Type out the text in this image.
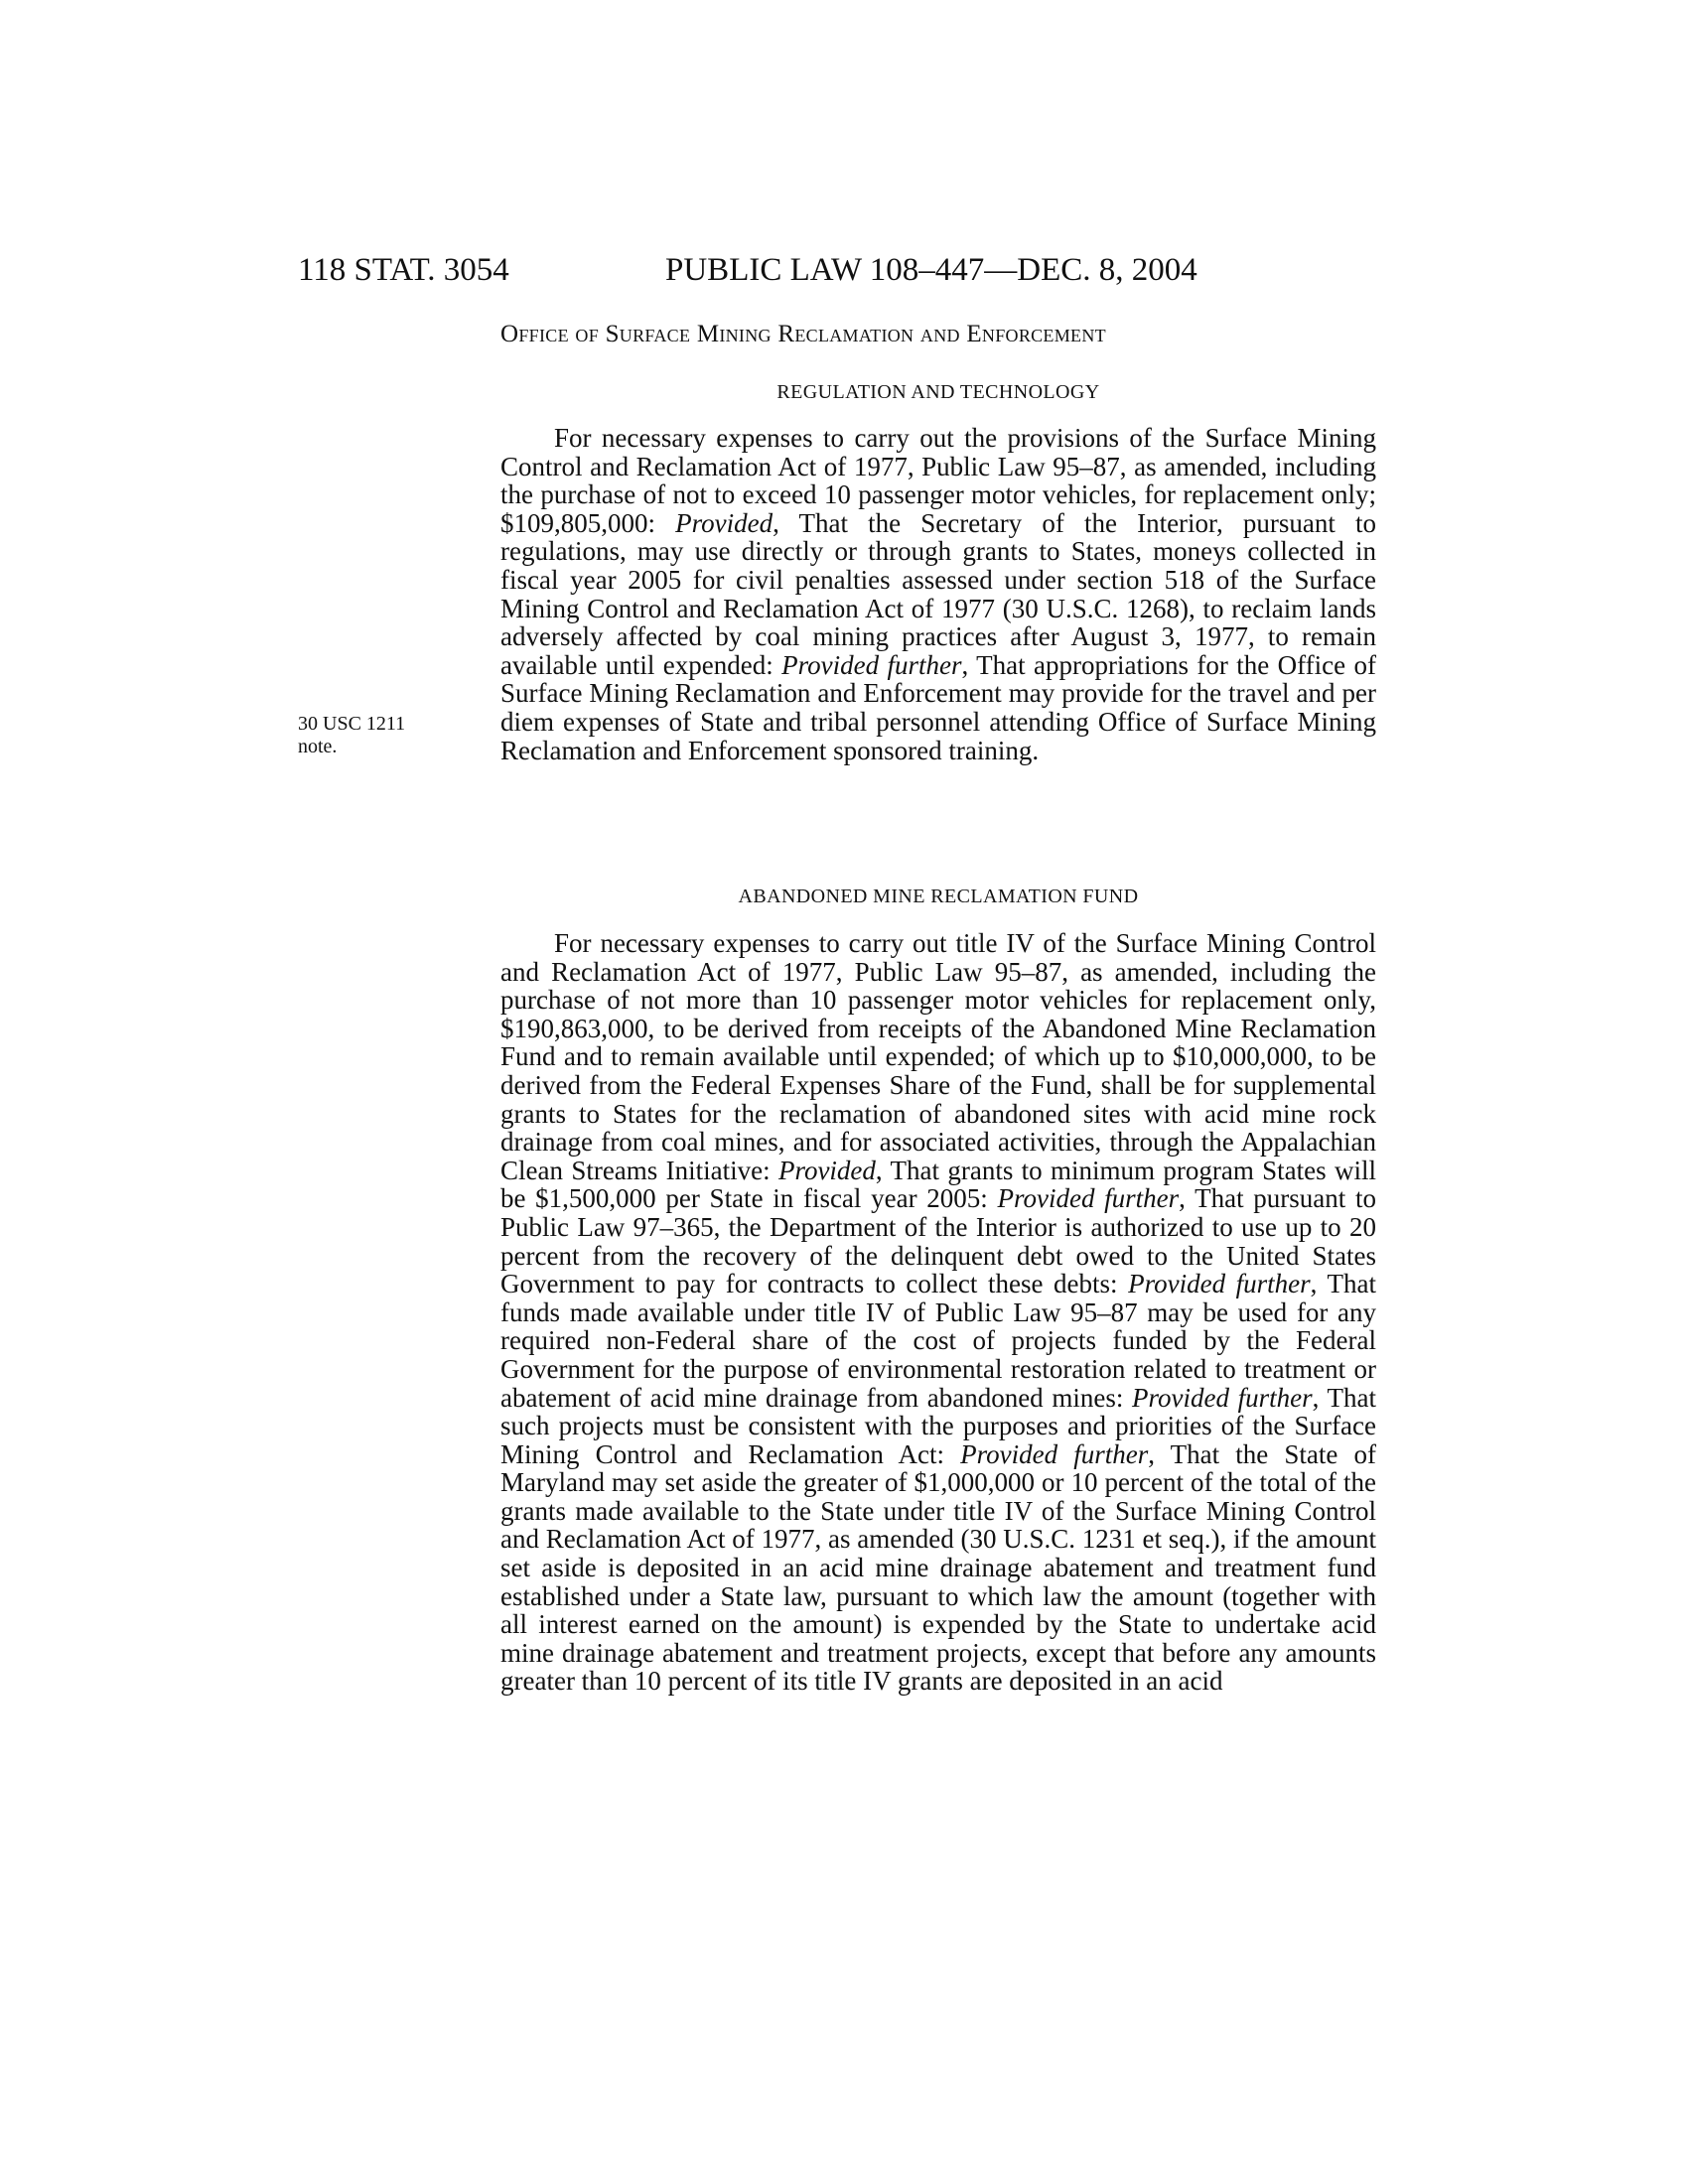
118 STAT. 3054	PUBLIC LAW 108–447—DEC. 8, 2004
Office of Surface Mining Reclamation and Enforcement
REGULATION AND TECHNOLOGY

For necessary expenses to carry out the provisions of the Surface Mining Control and Reclamation Act of 1977, Public Law 95–87, as amended, including the purchase of not to exceed 10 passenger motor vehicles, for replacement only; $109,805,000: Provided, That the Secretary of the Interior, pursuant to regulations, may use directly or through grants to States, moneys collected in fiscal year 2005 for civil penalties assessed under section 518 of the Surface Mining Control and Reclamation Act of 1977 (30 U.S.C. 1268), to reclaim lands adversely affected by coal mining practices after August 3, 1977, to remain available until expended: Provided further, That appropriations for the Office of Surface Mining Reclamation and Enforcement may provide for the travel and per diem expenses of State and tribal personnel attending Office of Surface Mining Reclamation and Enforcement sponsored training.

30 USC 1211
note.
ABANDONED MINE RECLAMATION FUND

For necessary expenses to carry out title IV of the Surface Mining Control and Reclamation Act of 1977, Public Law 95–87, as amended, including the purchase of not more than 10 passenger motor vehicles for replacement only, $190,863,000, to be derived from receipts of the Abandoned Mine Reclamation Fund and to remain available until expended; of which up to $10,000,000, to be derived from the Federal Expenses Share of the Fund, shall be for supplemental grants to States for the reclamation of abandoned sites with acid mine rock drainage from coal mines, and for associated activities, through the Appalachian Clean Streams Initiative: Provided, That grants to minimum program States will be $1,500,000 per State in fiscal year 2005: Provided further, That pursuant to Public Law 97–365, the Department of the Interior is authorized to use up to 20 percent from the recovery of the delinquent debt owed to the United States Government to pay for contracts to collect these debts: Provided further, That funds made available under title IV of Public Law 95–87 may be used for any required non-Federal share of the cost of projects funded by the Federal Government for the purpose of environmental restoration related to treatment or abatement of acid mine drainage from abandoned mines: Provided further, That such projects must be consistent with the purposes and priorities of the Surface Mining Control and Reclamation Act: Provided further, That the State of Maryland may set aside the greater of $1,000,000 or 10 percent of the total of the grants made available to the State under title IV of the Surface Mining Control and Reclamation Act of 1977, as amended (30 U.S.C. 1231 et seq.), if the amount set aside is deposited in an acid mine drainage abatement and treatment fund established under a State law, pursuant to which law the amount (together with all interest earned on the amount) is expended by the State to undertake acid mine drainage abatement and treatment projects, except that before any amounts greater than 10 percent of its title IV grants are deposited in an acid
